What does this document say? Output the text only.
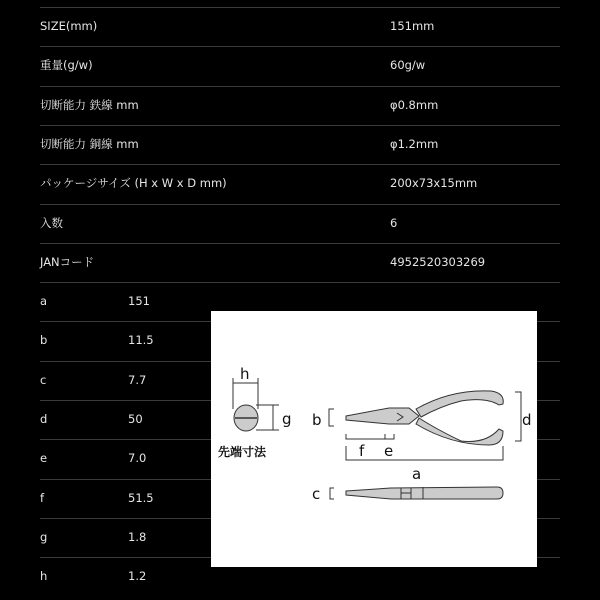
SIZE(mm)	151mm
重量(g/w)	60g/w
切断能力 鉄線 mm	φ0.8mm
切断能力 銅線 mm	φ1.2mm
パッケージサイズ (H x W x D mm)	200x73x15mm
入数	6
JANコード	4952520303269
a	151
b	11.5
c	7.7
d	50
e	7.0
f	51.5
g	1.8
h	1.2
h
g
先端寸法
b	d
f e
a
c
